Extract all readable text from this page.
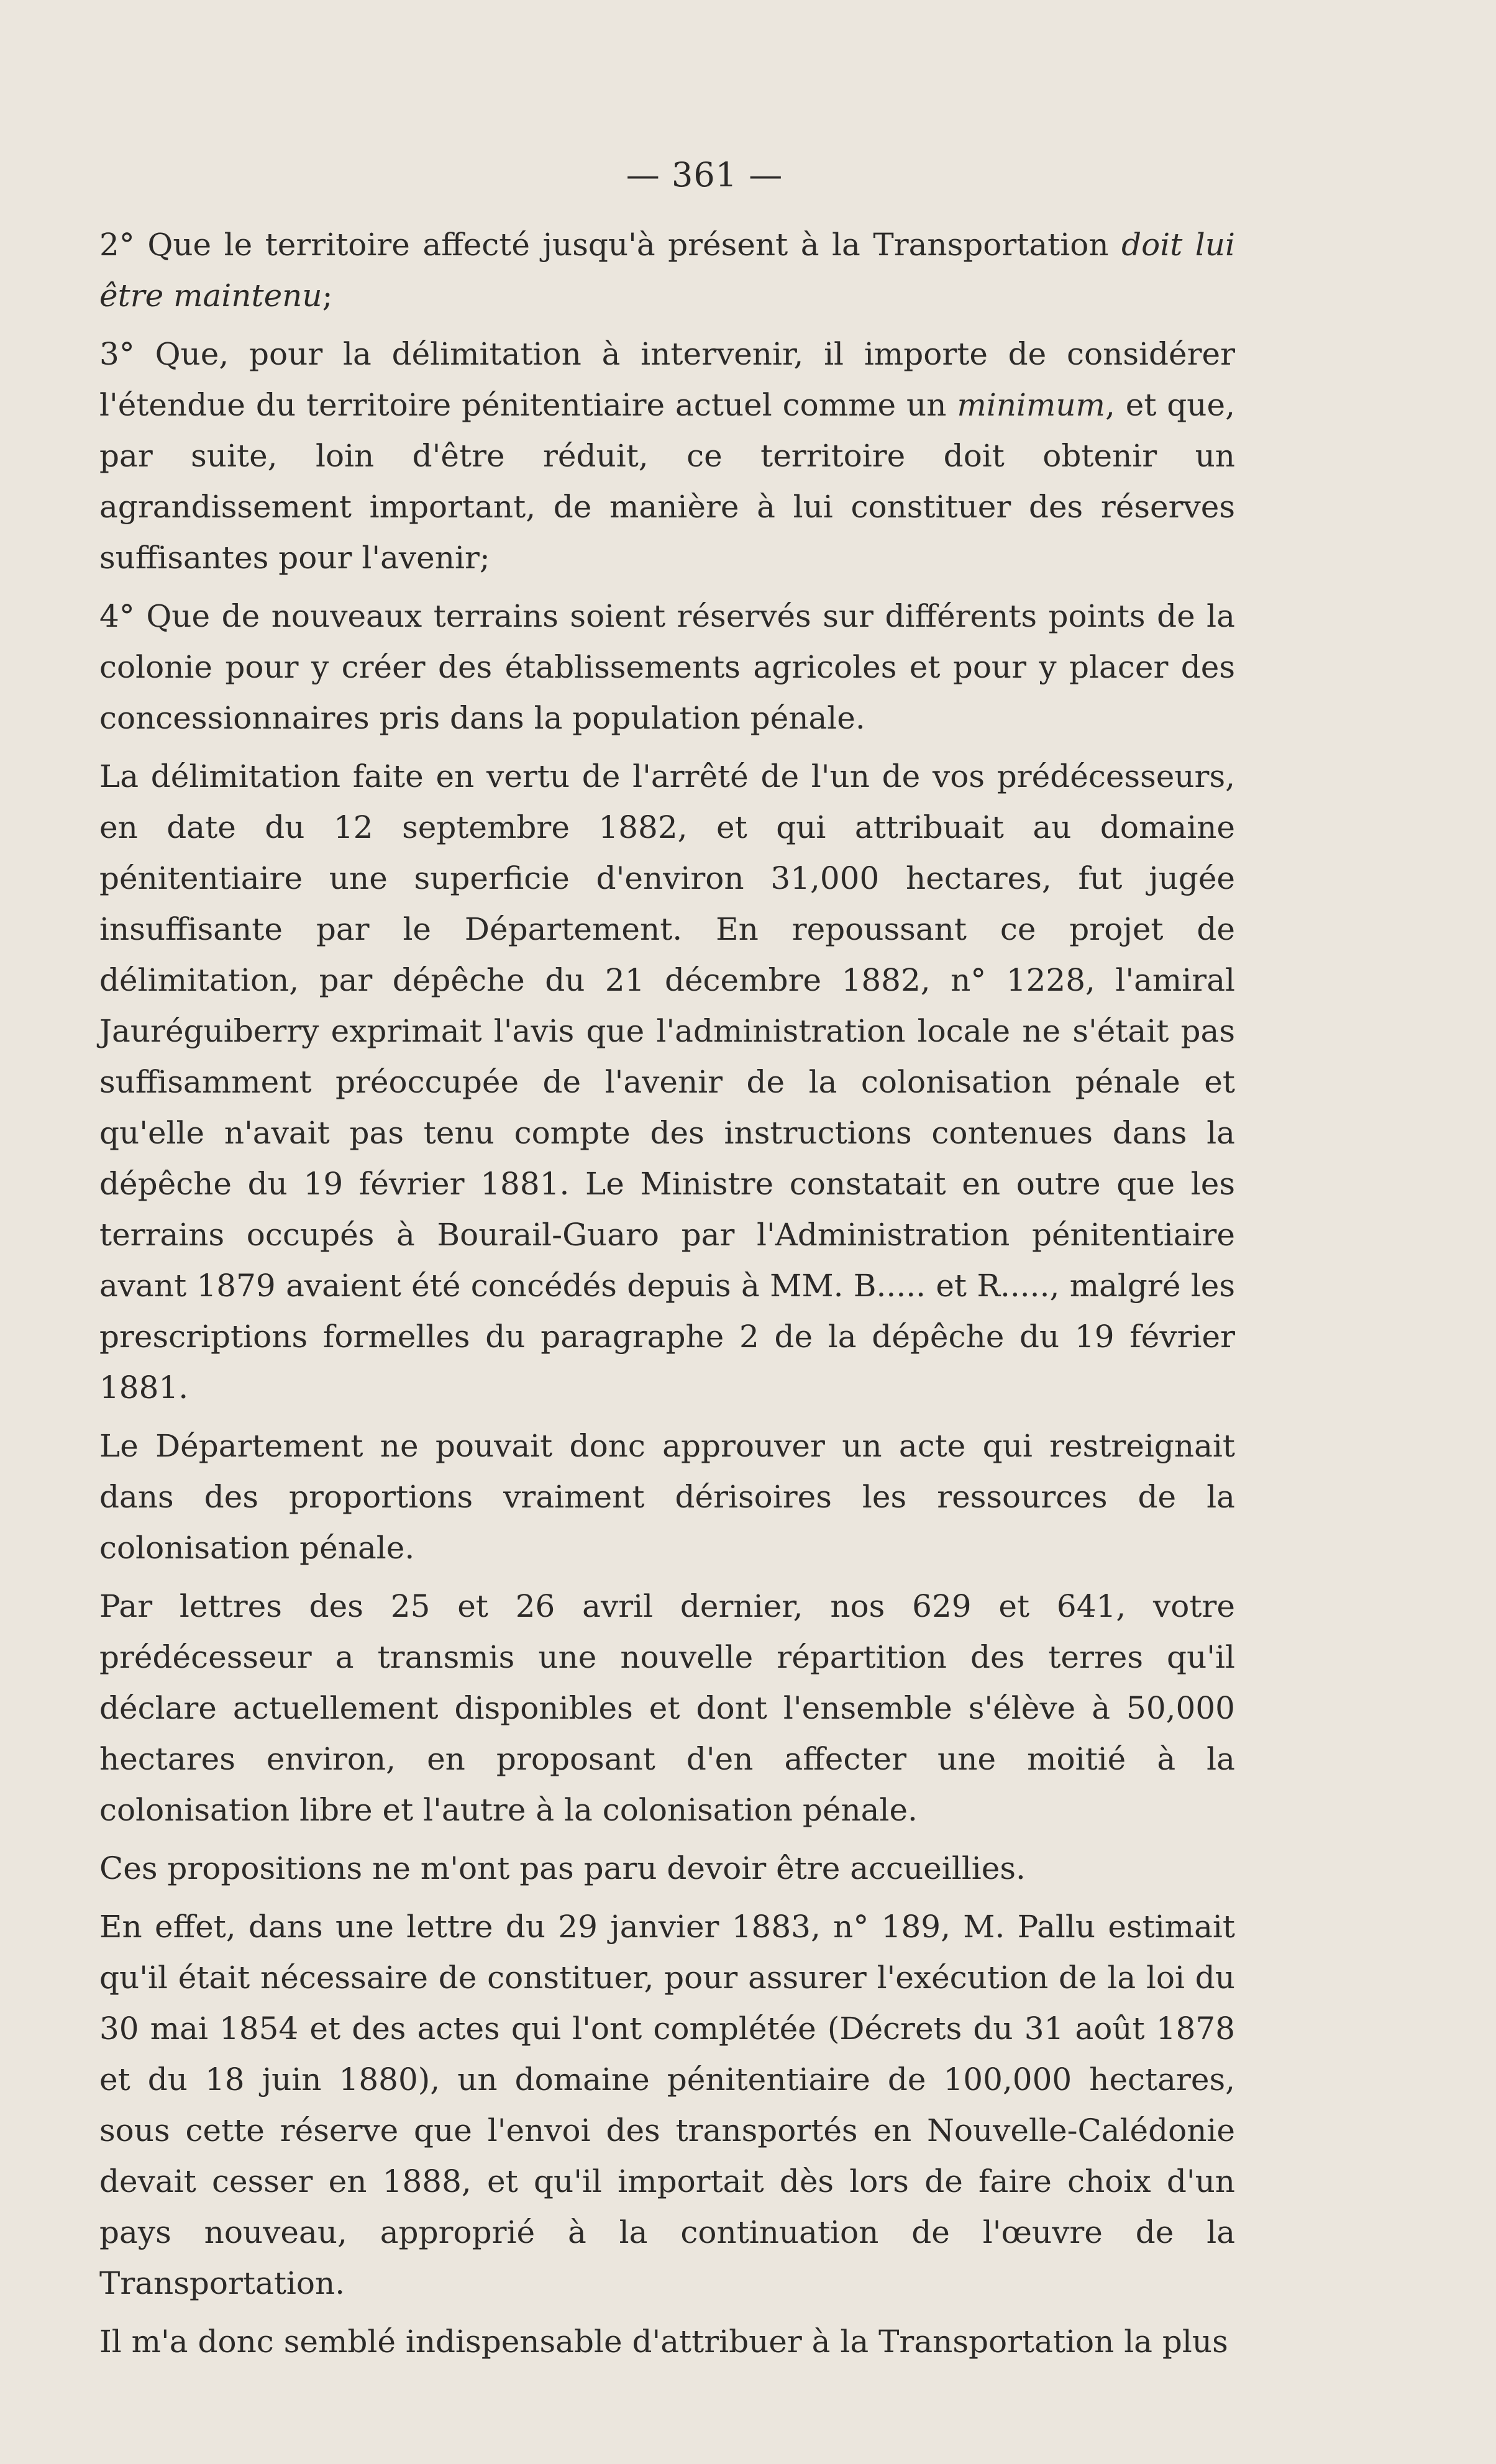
— 361 —

2° Que le territoire affecté jusqu'à présent à la Transportation doit lui être maintenu;

3° Que, pour la délimitation à intervenir, il importe de considérer l'étendue du territoire pénitentiaire actuel comme un minimum, et que, par suite, loin d'être réduit, ce territoire doit obtenir un agrandissement important, de manière à lui constituer des réserves suffisantes pour l'avenir;

4° Que de nouveaux terrains soient réservés sur différents points de la colonie pour y créer des établissements agricoles et pour y placer des concessionnaires pris dans la population pénale.

La délimitation faite en vertu de l'arrêté de l'un de vos prédécesseurs, en date du 12 septembre 1882, et qui attribuait au domaine pénitentiaire une superficie d'environ 31,000 hectares, fut jugée insuffisante par le Département. En repoussant ce projet de délimitation, par dépêche du 21 décembre 1882, n° 1228, l'amiral Jauréguiberry exprimait l'avis que l'administration locale ne s'était pas suffisamment préoccupée de l'avenir de la colonisation pénale et qu'elle n'avait pas tenu compte des instructions contenues dans la dépêche du 19 février 1881. Le Ministre constatait en outre que les terrains occupés à Bourail-Guaro par l'Administration pénitentiaire avant 1879 avaient été concédés depuis à MM. B..... et R....., malgré les prescriptions formelles du paragraphe 2 de la dépêche du 19 février 1881.

Le Département ne pouvait donc approuver un acte qui restreignait dans des proportions vraiment dérisoires les ressources de la colonisation pénale.

Par lettres des 25 et 26 avril dernier, nos 629 et 641, votre prédécesseur a transmis une nouvelle répartition des terres qu'il déclare actuellement disponibles et dont l'ensemble s'élève à 50,000 hectares environ, en proposant d'en affecter une moitié à la colonisation libre et l'autre à la colonisation pénale.

Ces propositions ne m'ont pas paru devoir être accueillies.

En effet, dans une lettre du 29 janvier 1883, n° 189, M. Pallu estimait qu'il était nécessaire de constituer, pour assurer l'exécution de la loi du 30 mai 1854 et des actes qui l'ont complétée (Décrets du 31 août 1878 et du 18 juin 1880), un domaine pénitentiaire de 100,000 hectares, sous cette réserve que l'envoi des transportés en Nouvelle-Calédonie devait cesser en 1888, et qu'il importait dès lors de faire choix d'un pays nouveau, approprié à la continuation de l'œuvre de la Transportation.

Il m'a donc semblé indispensable d'attribuer à la Transportation la plus
